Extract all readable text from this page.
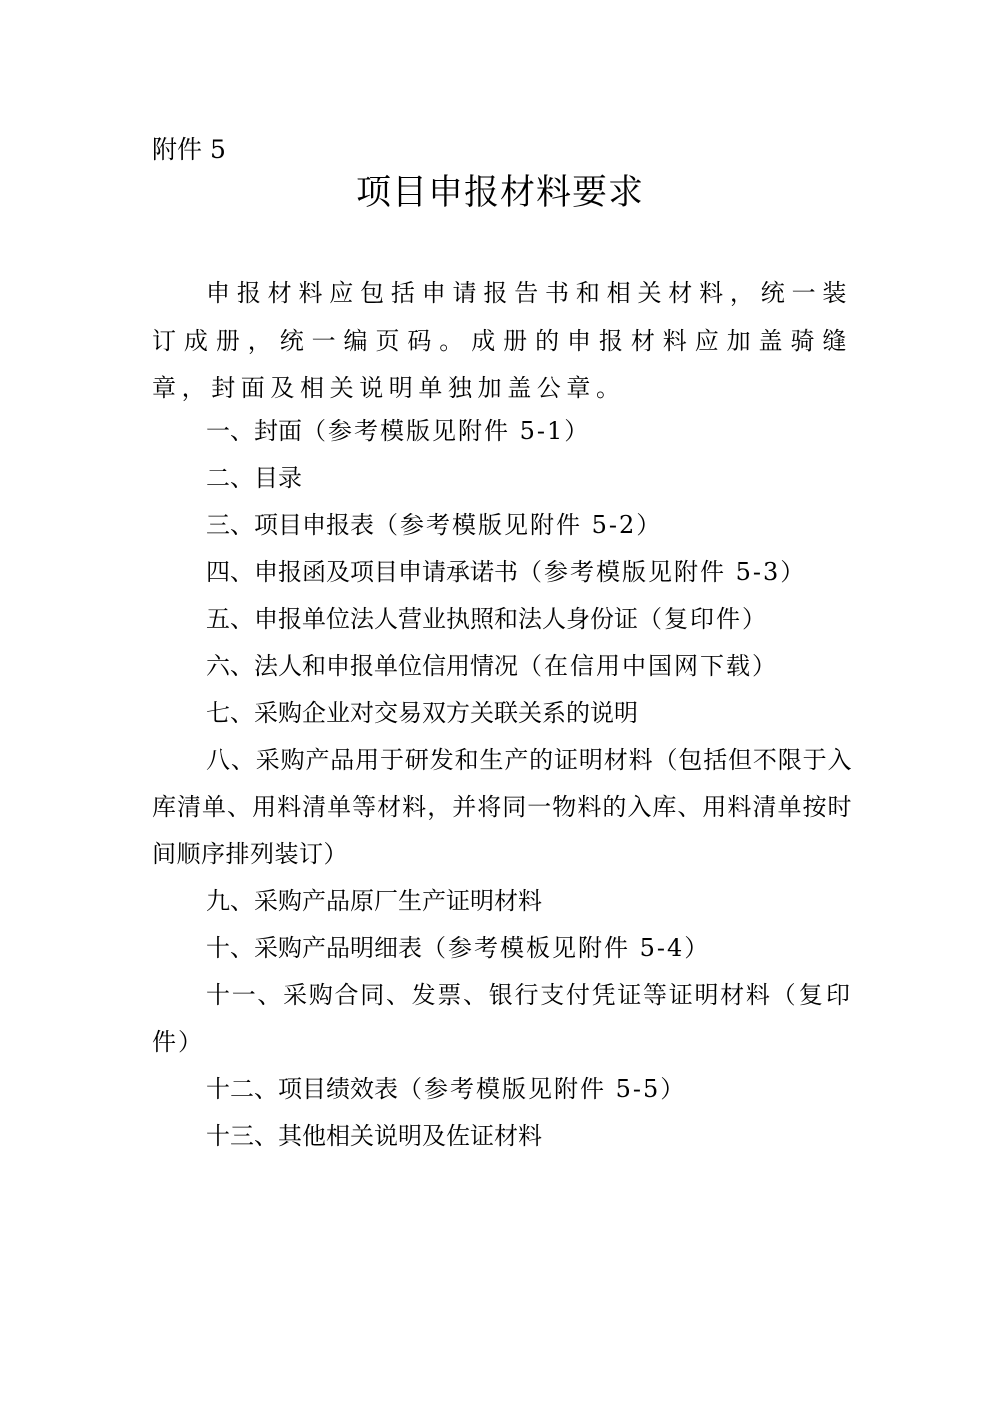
附件 5
项目申报材料要求

申报材料应包括申请报告书和相关材料，统一装订成册，统一编页码。成册的申报材料应加盖骑缝章，封面及相关说明单独加盖公章。

一、封面（参考模版见附件 5-1）
二、目录
三、项目申报表（参考模版见附件 5-2）
四、申报函及项目申请承诺书（参考模版见附件 5-3）
五、申报单位法人营业执照和法人身份证（复印件）
六、法人和申报单位信用情况（在信用中国网下载）
七、采购企业对交易双方关联关系的说明
八、采购产品用于研发和生产的证明材料（包括但不限于入库清单、用料清单等材料，并将同一物料的入库、用料清单按时间顺序排列装订）
九、采购产品原厂生产证明材料
十、采购产品明细表（参考模板见附件 5-4）
十一、采购合同、发票、银行支付凭证等证明材料（复印件）
十二、项目绩效表（参考模版见附件 5-5）
十三、其他相关说明及佐证材料
